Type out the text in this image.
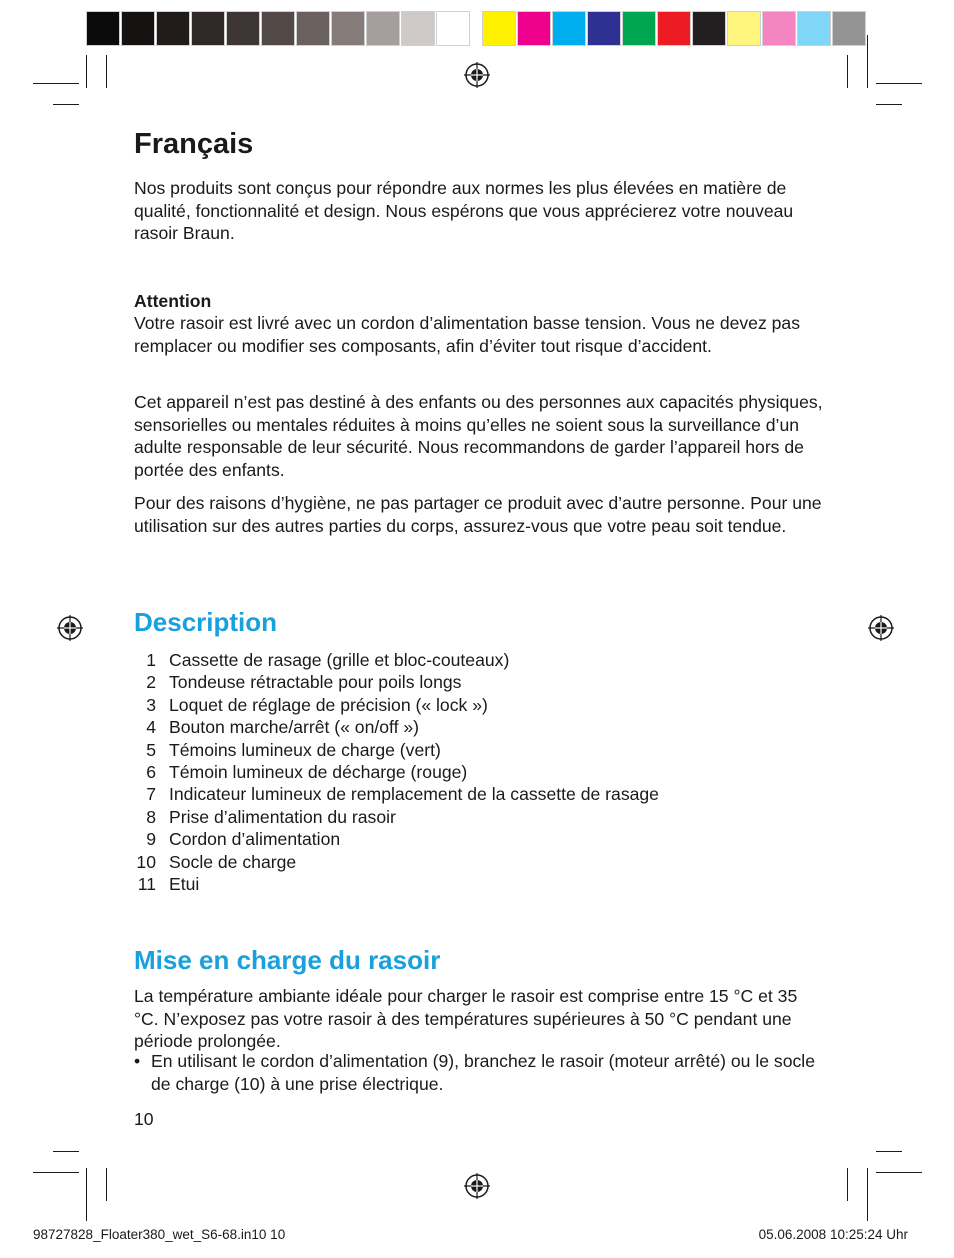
Français

Nos produits sont conçus pour répondre aux normes les plus élevées en matière de qualité, fonctionnalité et design. Nous espérons que vous apprécierez votre nouveau rasoir Braun.

Attention

Votre rasoir est livré avec un cordon d’alimentation basse tension. Vous ne devez pas remplacer ou modifier ses composants, afin d’éviter tout risque d’accident.

Cet appareil n’est pas destiné à des enfants ou des personnes aux capacités physiques, sensorielles ou mentales réduites à moins qu’elles ne soient sous la surveillance d’un adulte responsable de leur sécurité. Nous recommandons de garder l’appareil hors de portée des enfants.

Pour des raisons d’hygiène, ne pas partager ce produit avec d’autre personne. Pour une utilisation sur des autres parties du corps, assurez-vous que votre peau soit tendue.

Description
1 Cassette de rasage (grille et bloc-couteaux)
2 Tondeuse rétractable pour poils longs
3 Loquet de réglage de précision (« lock »)
4 Bouton marche/arrêt (« on/off »)
5 Témoins lumineux de charge (vert)
6 Témoin lumineux de décharge (rouge)
7 Indicateur lumineux de remplacement de la cassette de rasage
8 Prise d’alimentation du rasoir
9 Cordon d’alimentation
10 Socle de charge
11 Etui
Mise en charge du rasoir

La température ambiante idéale pour charger le rasoir est comprise entre 15 °C et 35 °C. N’exposez pas votre rasoir à des températures supérieures à 50 °C pendant une période prolongée.

• En utilisant le cordon d’alimentation (9), branchez le rasoir (moteur arrêté) ou le socle de charge (10) à une prise électrique.
10
98727828_Floater380_wet_S6-68.in10 10	05.06.2008 10:25:24 Uhr
